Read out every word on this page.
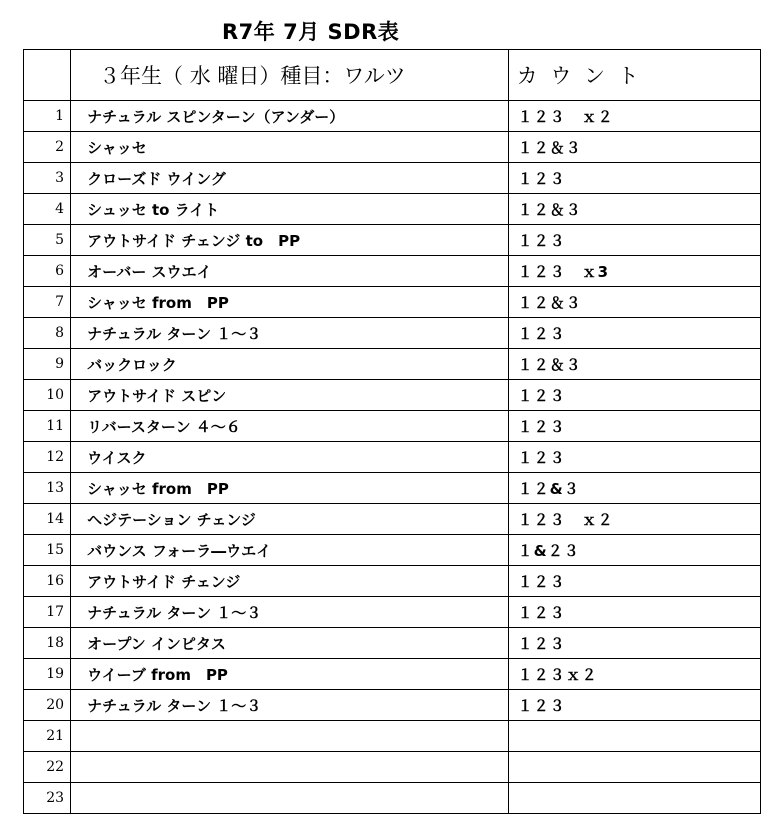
R7年 7月 SDR表
	３年生（ 水 曜日）種目：ワルツ	カ ウ ン ト
1	ナチュラル スピンターン（アンダー）	１２３　ｘ２
2	シャッセ	１２＆３
3	クローズド ウイング	１２３
4	シュッセ to ライト	１２＆３
5	アウトサイド チェンジ to　PP	１２３
6	オーバー スウエイ	１２３　ｘ3
7	シャッセ from　PP	１２＆３
8	ナチュラル ターン １～３	１２３
9	バックロック	１２＆３
10	アウトサイド スピン	１２３
11	リバースターン ４～６	１２３
12	ウイスク	１２３
13	シャッセ from　PP	１２&３
14	ヘジテーション チェンジ	１２３　ｘ２
15	バウンス フォーラ―ウエイ	１&２３
16	アウトサイド チェンジ	１２３
17	ナチュラル ターン １～３	１２３
18	オープン インピタス	１２３
19	ウイーブ from　PP	１２３ｘ２
20	ナチュラル ターン １～３	１２３
21		
22		
23		
